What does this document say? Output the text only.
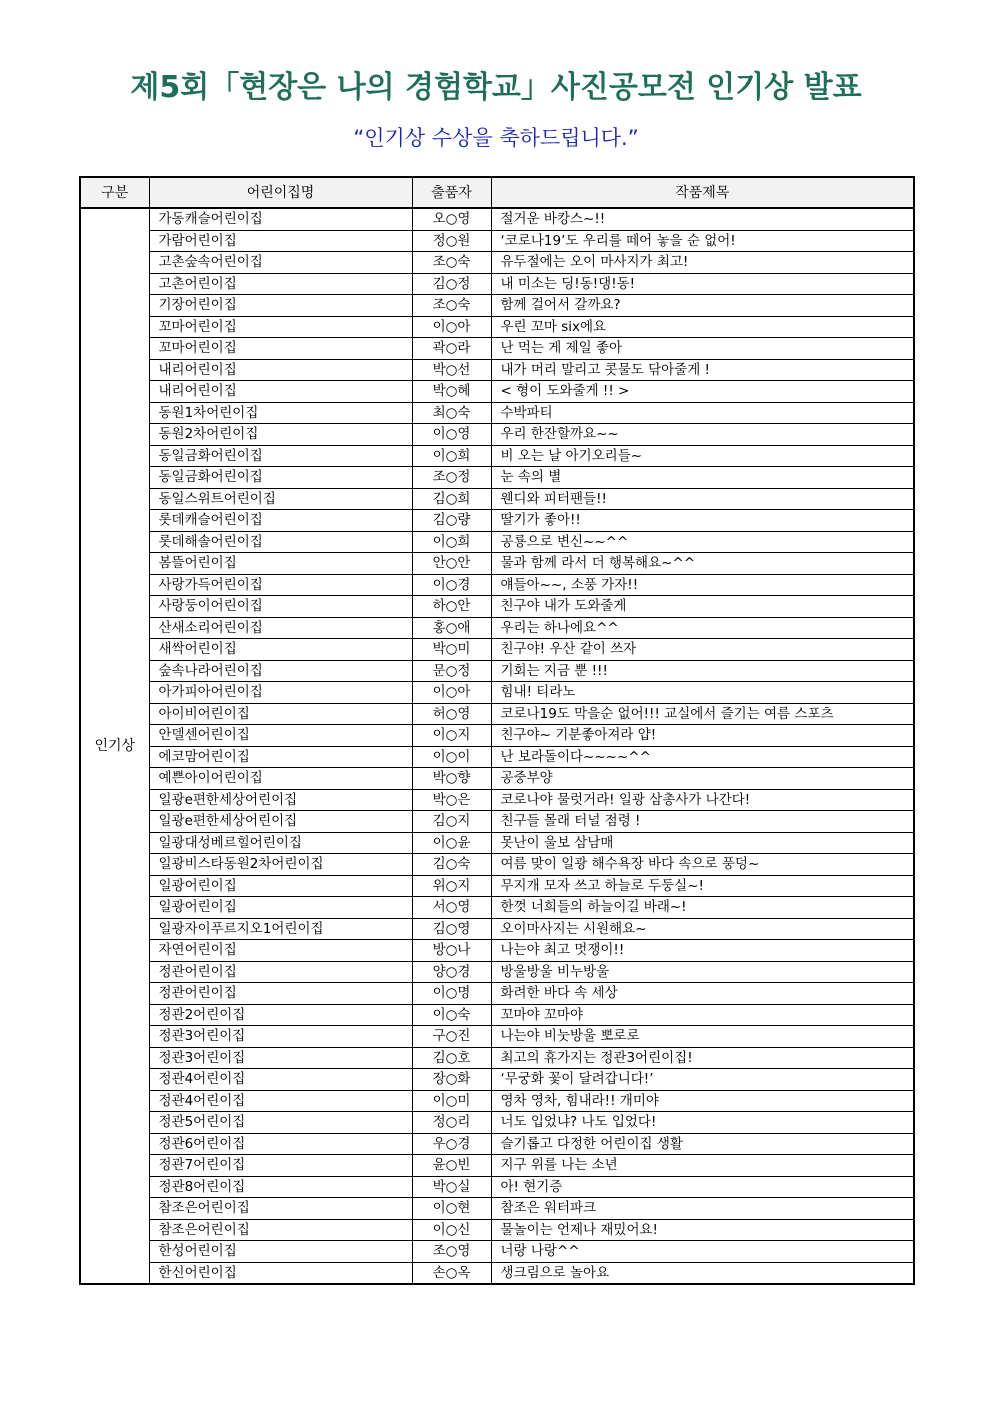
제5회「현장은 나의 경험학교」사진공모전 인기상 발표
“인기상 수상을 축하드립니다.”
구분	어린이집명	출품자	작품제목
인기상	가동캐슬어린이집	오○영	절거운 바캉스~!!
	가람어린이집	정○원	‘코로나19’도 우리를 떼어 놓을 순 없어!
	고촌숲속어린이집	조○숙	유두절에는 오이 마사지가 최고!
	고촌어린이집	김○정	내 미소는 딩!동!댕!동!
	기장어린이집	조○숙	함께 걸어서 갈까요?
	꼬마어린이집	이○아	우린 꼬마 six에요
	꼬마어린이집	곽○라	난 먹는 게 제일 좋아
	내리어린이집	박○선	내가 머리 말리고 콧물도 닦아줄게 !
	내리어린이집	박○혜	< 형이 도와줄게 !! >
	동원1차어린이집	최○숙	수박파티
	동원2차어린이집	이○영	우리 한잔할까요~~
	동일금화어린이집	이○희	비 오는 날 아기오리들~
	동일금화어린이집	조○정	눈 속의 별
	동일스위트어린이집	김○희	웬디와 피터팬들!!
	롯데캐슬어린이집	김○량	딸기가 좋아!!
	롯데해솔어린이집	이○희	공룡으로 변신~~^^
	봄뜰어린이집	안○안	물과 함께 라서 더 행복해요~^^
	사랑가득어린이집	이○경	얘들아~~, 소풍 가자!!
	사랑둥이어린이집	하○안	친구야 내가 도와줄게
	산새소리어린이집	홍○애	우리는 하나에요^^
	새싹어린이집	박○미	친구야! 우산 같이 쓰자
	숲속나라어린이집	문○정	기회는 지금 뿐 !!!
	아가피아어린이집	이○아	힘내! 티라노
	아이비어린이집	허○영	코로나19도 막을순 없어!!! 교실에서 즐기는 여름 스포츠
	안델센어린이집	이○지	친구야~ 기분좋아져라 얍!
	에코맘어린이집	이○이	난 보라돌이다~~~~^^
	예쁜아이어린이집	박○향	공중부양
	일광e편한세상어린이집	박○은	코로나야 물럿거라! 일광 삼총사가 나간다!
	일광e편한세상어린이집	김○지	친구들 몰래 터널 점령 !
	일광대성베르힐어린이집	이○윤	못난이 울보 삼남매
	일광비스타동원2차어린이집	김○숙	여름 맞이 일광 해수욕장 바다 속으로 풍덩~
	일광어린이집	위○지	무지개 모자 쓰고 하늘로 두둥실~!
	일광어린이집	서○영	한껏 너희들의 하늘이길 바래~!
	일광자이푸르지오1어린이집	김○영	오이마사지는 시원해요~
	자연어린이집	방○나	나는야 최고 멋쟁이!!
	정관어린이집	양○경	방울방울 비누방울
	정관어린이집	이○명	화려한 바다 속 세상
	정관2어린이집	이○숙	꼬마야 꼬마야
	정관3어린이집	구○진	나는야 비눗방울 뽀로로
	정관3어린이집	김○호	최고의 휴가지는 정관3어린이집!
	정관4어린이집	장○화	‘무궁화 꽃이 달려갑니다!’
	정관4어린이집	이○미	영차 영차, 힘내라!! 개미야
	정관5어린이집	정○리	너도 입었냐? 나도 입었다!
	정관6어린이집	우○경	슬기롭고 다정한 어린이집 생활
	정관7어린이집	윤○빈	지구 위를 나는 소년
	정관8어린이집	박○실	아! 현기증
	참조은어린이집	이○현	참조은 워터파크
	참조은어린이집	이○신	물놀이는 언제나 재밌어요!
	한성어린이집	조○영	너랑 나랑^^
	한신어린이집	손○옥	생크림으로 놀아요
